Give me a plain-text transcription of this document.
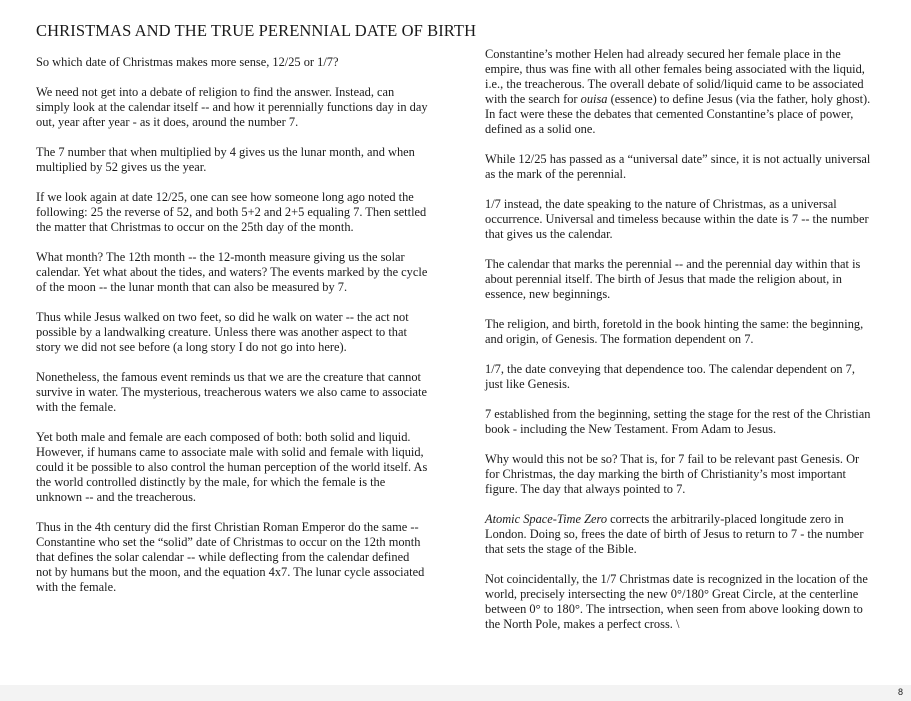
CHRISTMAS AND THE TRUE PERENNIAL DATE OF BIRTH

So which date of Christmas makes more sense, 12/25 or 1/7?

We need not get into a debate of religion to find the answer. Instead, can simply look at the calendar itself -- and how it perennially functions day in day out, year after year - as it does, around the number 7.

The 7 number that when multiplied by 4 gives us the lunar month, and when multiplied by 52 gives us the year.

If we look again at date 12/25, one can see how someone long ago noted the following: 25 the reverse of 52, and both 5+2 and 2+5 equaling 7. Then settled the matter that Christmas to occur on the 25th day of the month.

What month? The 12th month -- the 12-month measure giving us the solar calendar. Yet what about the tides, and waters? The events marked by the cycle of the moon -- the lunar month that can also be measured by 7.

Thus while Jesus walked on two feet, so did he walk on water -- the act not possible by a landwalking creature. Unless there was another aspect to that story we did not see before (a long story I do not go into here).

Nonetheless, the famous event reminds us that we are the creature that cannot survive in water. The mysterious, treacherous waters we also came to associate with the female.

Yet both male and female are each composed of both: both solid and liquid. However, if humans came to associate male with solid and female with liquid, could it be possible to also control the human perception of the world itself. As the world controlled distinctly by the male, for which the female is the unknown -- and the treacherous.

Thus in the 4th century did the first Christian Roman Emperor do the same -- Constantine who set the “solid” date of Christmas to occur on the 12th month that defines the solar calendar -- while deflecting from the calendar defined not by humans but the moon, and the equation 4x7. The lunar cycle associated with the female.

Constantine’s mother Helen had already secured her female place in the empire, thus was fine with all other females being associated with the liquid, i.e., the treacherous. The overall debate of solid/liquid came to be associated with the search for ouisa (essence) to define Jesus (via the father, holy ghost). In fact were these the debates that cemented Constantine’s place of power, defined as a solid one.

While 12/25 has passed as a “universal date” since, it is not actually universal as the mark of the perennial.

1/7 instead, the date speaking to the nature of Christmas, as a universal occurrence. Universal and timeless because within the date is 7 -- the number that gives us the calendar.

The calendar that marks the perennial -- and the perennial day within that is about perennial itself. The birth of Jesus that made the religion about, in essence, new beginnings.

The religion, and birth, foretold in the book hinting the same: the beginning, and origin, of Genesis. The formation dependent on 7.

1/7, the date conveying that dependence too. The calendar dependent on 7, just like Genesis.

7 established from the beginning, setting the stage for the rest of the Christian book - including the New Testament. From Adam to Jesus.

Why would this not be so? That is, for 7 fail to be relevant past Genesis. Or for Christmas, the day marking the birth of Christianity’s most important figure. The day that always pointed to 7.

Atomic Space-Time Zero corrects the arbitrarily-placed longitude zero in London. Doing so, frees the date of birth of Jesus to return to 7 - the number that sets the stage of the Bible.

Not coincidentally, the 1/7 Christmas date is recognized in the location of the world, precisely intersecting the new 0°/180° Great Circle, at the centerline between 0° to 180°. The intrsection, when seen from above looking down to the North Pole, makes a perfect cross. \

8
